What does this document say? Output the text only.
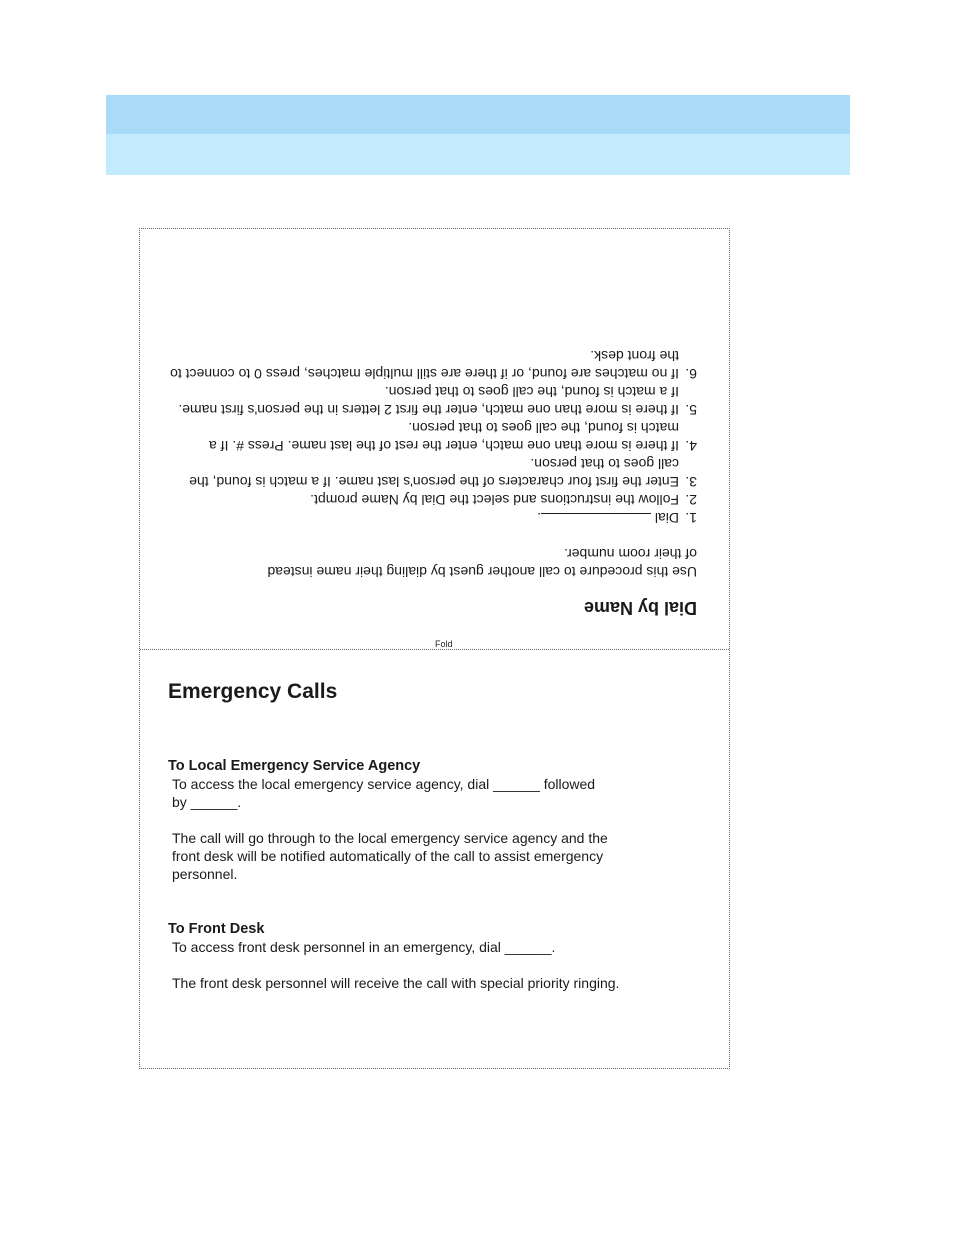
Dial by Name

Use this procedure to call another guest by dialing their name instead of their room number.

1.
Dial .
2.
Follow the instructions and select the Dial by Name prompt.
3.
Enter the first four characters of the person's last name. If a match is found, the call goes to that person.
4.
If there is more than one match, enter the rest of the last name. Press #. If a match is found, the call goes to that person.
5.
If there is more than one match, enter the first 2 letters in the person's first name. If a match is found, the call goes to that person.
6.
If no matches are found, or if there are still multiple matches, press 0 to connect to the front desk.
Fold
Emergency Calls

To Local Emergency Service Agency

To access the local emergency service agency, dial ______ followed

by ______.

The call will go through to the local emergency service agency and the

front desk will be notified automatically of the call to assist emergency

personnel.

To Front Desk

To access front desk personnel in an emergency, dial ______.

The front desk personnel will receive the call with special priority ringing.
